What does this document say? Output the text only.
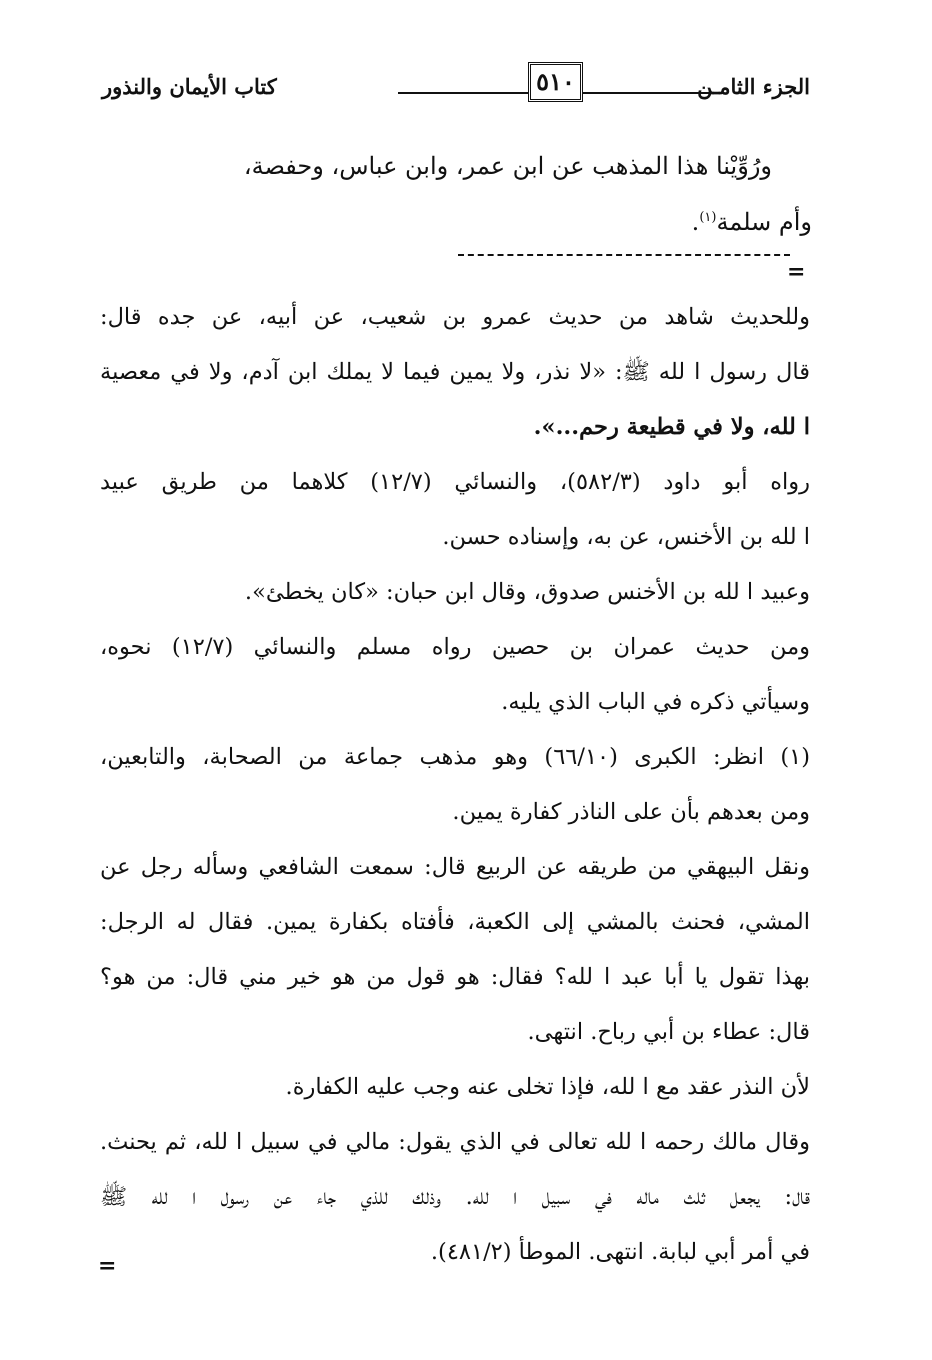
الجزء الثامـن
٥١٠
كتاب الأيمان والنذور
ورُوِّيْنا هذا المذهب عن ابن عمر، وابن عباس، وحفصة،
وأم سلمة$^{(١)}$.
=
وللحديث شاهد من حديث عمرو بن شعيب، عن أبيه، عن جده قال:
قال رسول ا لله ﷺ: «لا نذر، ولا يمين فيما لا يملك ابن آدم، ولا في معصية
ا لله، ولا في قطيعة رحم...».
رواه أبو داود (٥٨٢/٣)، والنسائي (١٢/٧) كلاهما من طريق عبيد
ا لله بن الأخنس، عن به، وإسناده حسن.
وعبيد ا لله بن الأخنس صدوق، وقال ابن حبان: «كان يخطئ».
ومن حديث عمران بن حصين رواه مسلم والنسائي (١٢/٧) نحوه،
وسيأتي ذكره في الباب الذي يليه.
(١) انظر: الكبرى (٦٦/١٠) وهو مذهب جماعة من الصحابة، والتابعين،
ومن بعدهم بأن على الناذر كفارة يمين.
ونقل البيهقي من طريقه عن الربيع قال: سمعت الشافعي وسأله رجل عن
المشي، فحنث بالمشي إلى الكعبة، فأفتاه بكفارة يمين. فقال له الرجل:
بهذا تقول يا أبا عبد ا لله؟ فقال: هو قول من هو خير مني قال: من هو؟
قال: عطاء بن أبي رباح. انتهى.
لأن النذر عقد مع ا لله، فإذا تخلى عنه وجب عليه الكفارة.
وقال مالك رحمه ا لله تعالى في الذي يقول: مالي في سبيل ا لله، ثم يحنث.
قال: يجعل ثلث ماله في سبيل ا لله. وذلك للذي جاء عن رسول ا لله ﷺ
في أمر أبي لبابة. انتهى. الموطأ (٤٨١/٢).
=
